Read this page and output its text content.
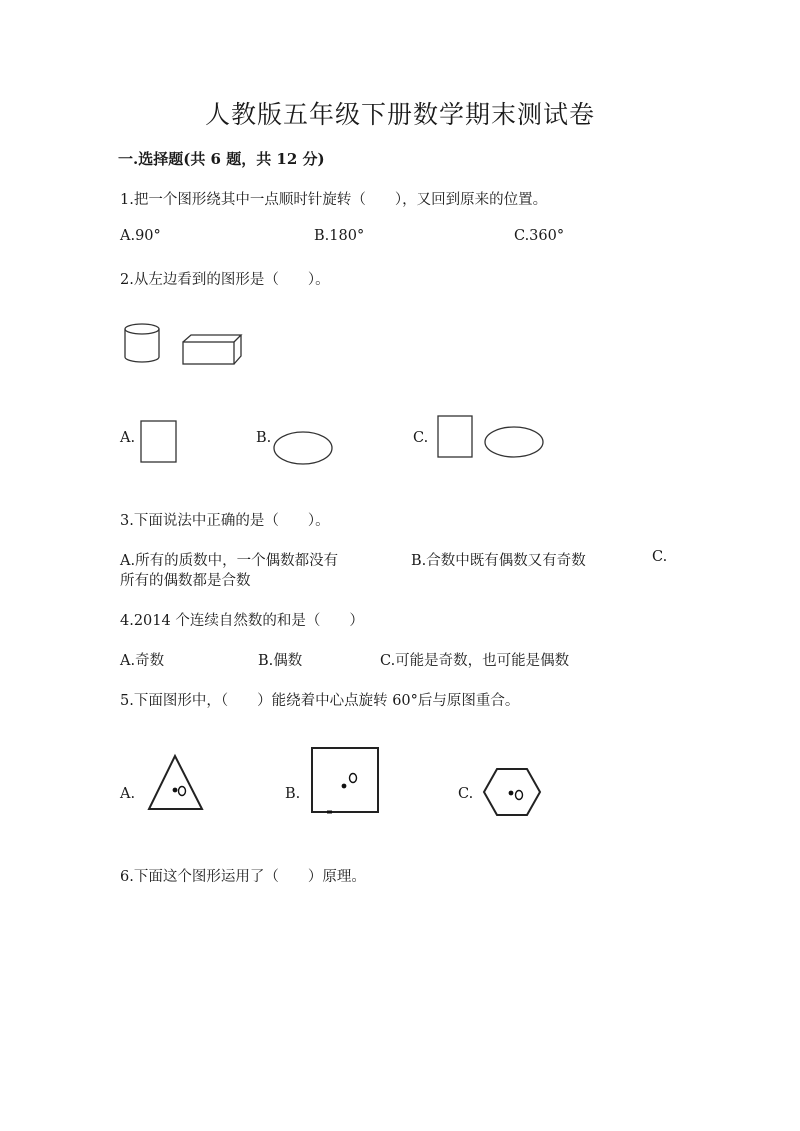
人教版五年级下册数学期末测试卷
一.选择题(共 6 题，共 12 分)
1.把一个图形绕其中一点顺时针旋转（　　），又回到原来的位置。
A.90°	B.180°	C.360°
2.从左边看到的图形是（　　）。
A.	B.	C.
3.下面说法中正确的是（　　）。
A.所有的质数中，一个偶数都没有	B.合数中既有偶数又有奇数	C.
所有的偶数都是合数
4.2014 个连续自然数的和是（　　）
A.奇数	B.偶数	C.可能是奇数，也可能是偶数
5.下面图形中，（　　）能绕着中心点旋转 60°后与原图重合。
A.	B.	C.
6.下面这个图形运用了（　　）原理。
